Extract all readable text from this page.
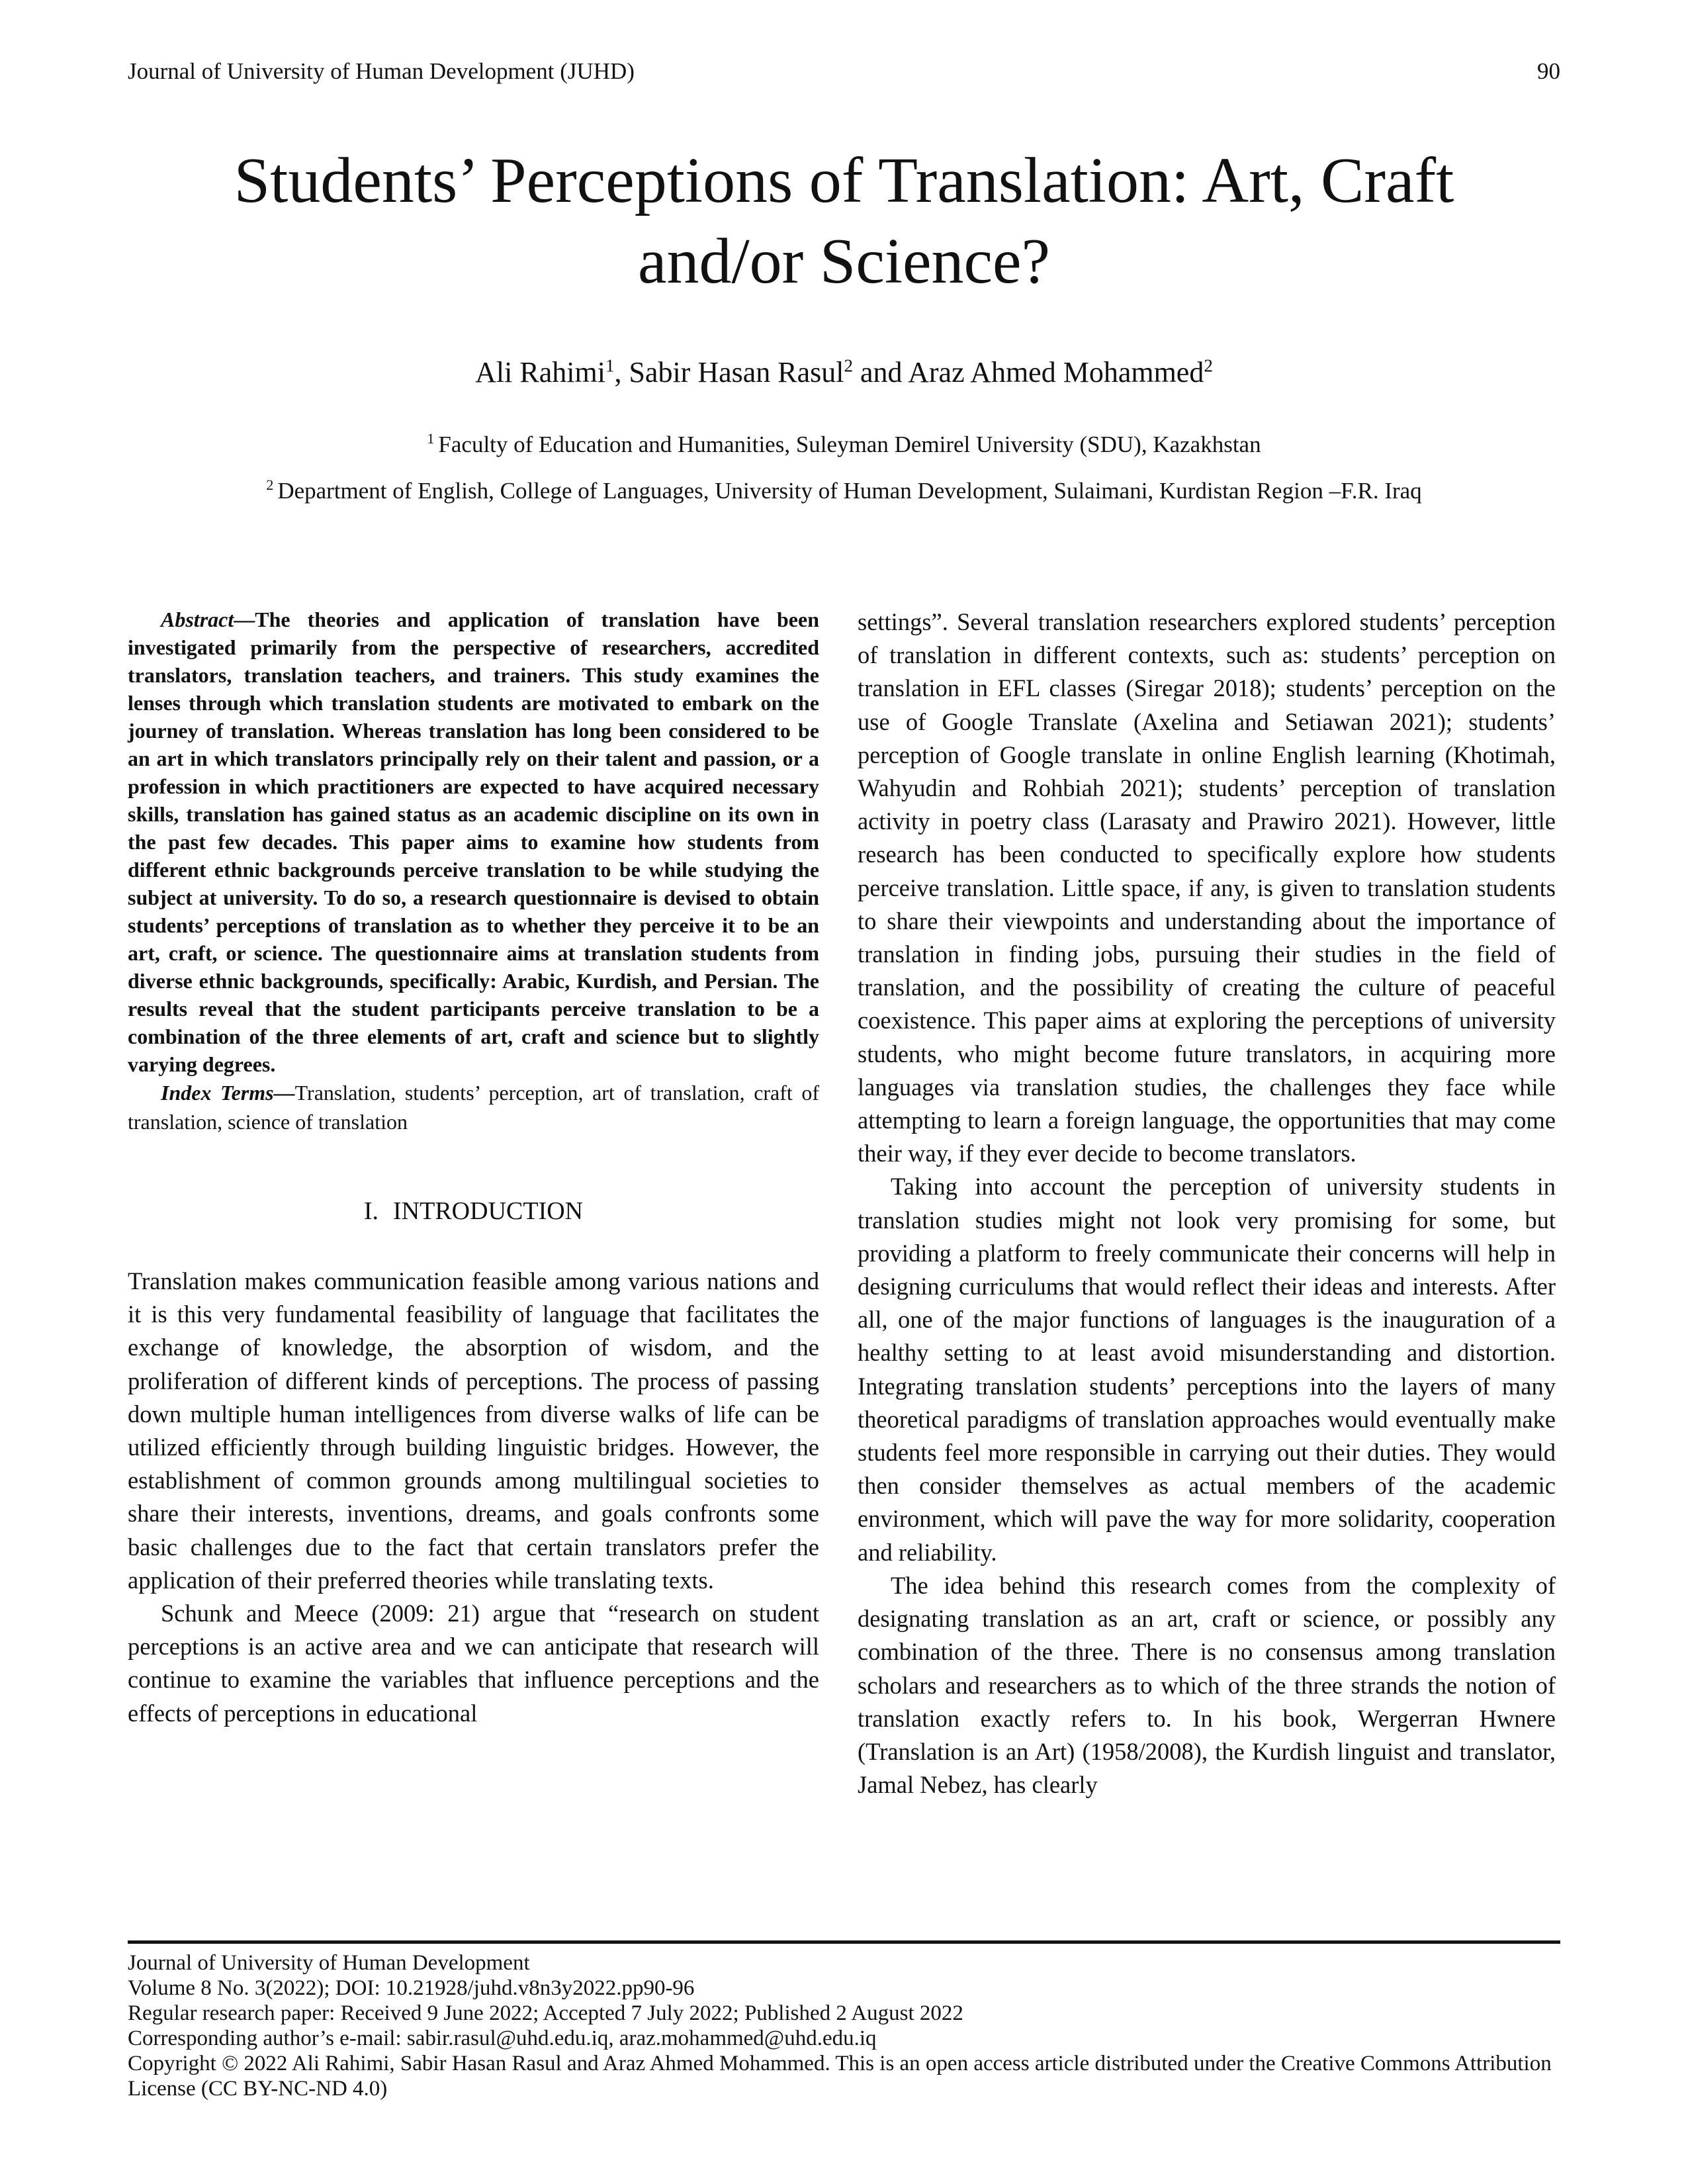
Journal of University of Human Development (JUHD)	90
Students’ Perceptions of Translation: Art, Craft and/or Science?
Ali Rahimi$^1$, Sabir Hasan Rasul$^2$ and Araz Ahmed Mohammed$^2$
$^1$ Faculty of Education and Humanities, Suleyman Demirel University (SDU), Kazakhstan
$^2$ Department of English, College of Languages, University of Human Development, Sulaimani, Kurdistan Region –F.R. Iraq

Abstract—The theories and application of translation have been investigated primarily from the perspective of researchers, accredited translators, translation teachers, and trainers. This study examines the lenses through which translation students are motivated to embark on the journey of translation. Whereas translation has long been considered to be an art in which translators principally rely on their talent and passion, or a profession in which practitioners are expected to have acquired necessary skills, translation has gained status as an academic discipline on its own in the past few decades. This paper aims to examine how students from different ethnic backgrounds perceive translation to be while studying the subject at university. To do so, a research questionnaire is devised to obtain students’ perceptions of translation as to whether they perceive it to be an art, craft, or science. The questionnaire aims at translation students from diverse ethnic backgrounds, specifically: Arabic, Kurdish, and Persian. The results reveal that the student participants perceive translation to be a combination of the three elements of art, craft and science but to slightly varying degrees.

Index Terms—Translation, students’ perception, art of translation, craft of translation, science of translation

I. INTRODUCTION

Translation makes communication feasible among various nations and it is this very fundamental feasibility of language that facilitates the exchange of knowledge, the absorption of wisdom, and the proliferation of different kinds of perceptions. The process of passing down multiple human intelligences from diverse walks of life can be utilized efficiently through building linguistic bridges. However, the establishment of common grounds among multilingual societies to share their interests, inventions, dreams, and goals confronts some basic challenges due to the fact that certain translators prefer the application of their preferred theories while translating texts.

Schunk and Meece (2009: 21) argue that “research on student perceptions is an active area and we can anticipate that research will continue to examine the variables that influence perceptions and the effects of perceptions in educational

settings”. Several translation researchers explored students’ perception of translation in different contexts, such as: students’ perception on translation in EFL classes (Siregar 2018); students’ perception on the use of Google Translate (Axelina and Setiawan 2021); students’ perception of Google translate in online English learning (Khotimah, Wahyudin and Rohbiah 2021); students’ perception of translation activity in poetry class (Larasaty and Prawiro 2021). However, little research has been conducted to specifically explore how students perceive translation. Little space, if any, is given to translation students to share their viewpoints and understanding about the importance of translation in finding jobs, pursuing their studies in the field of translation, and the possibility of creating the culture of peaceful coexistence. This paper aims at exploring the perceptions of university students, who might become future translators, in acquiring more languages via translation studies, the challenges they face while attempting to learn a foreign language, the opportunities that may come their way, if they ever decide to become translators.

Taking into account the perception of university students in translation studies might not look very promising for some, but providing a platform to freely communicate their concerns will help in designing curriculums that would reflect their ideas and interests. After all, one of the major functions of languages is the inauguration of a healthy setting to at least avoid misunderstanding and distortion. Integrating translation students’ perceptions into the layers of many theoretical paradigms of translation approaches would eventually make students feel more responsible in carrying out their duties. They would then consider themselves as actual members of the academic environment, which will pave the way for more solidarity, cooperation and reliability.

The idea behind this research comes from the complexity of designating translation as an art, craft or science, or possibly any combination of the three. There is no consensus among translation scholars and researchers as to which of the three strands the notion of translation exactly refers to. In his book, Wergerran Hwnere (Translation is an Art) (1958/2008), the Kurdish linguist and translator, Jamal Nebez, has clearly

Journal of University of Human Development
Volume 8 No. 3(2022); DOI: 10.21928/juhd.v8n3y2022.pp90-96
Regular research paper: Received 9 June 2022; Accepted 7 July 2022; Published 2 August 2022
Corresponding author’s e-mail: sabir.rasul@uhd.edu.iq, araz.mohammed@uhd.edu.iq
Copyright © 2022 Ali Rahimi, Sabir Hasan Rasul and Araz Ahmed Mohammed. This is an open access article distributed under the Creative Commons Attribution License (CC BY-NC-ND 4.0)
